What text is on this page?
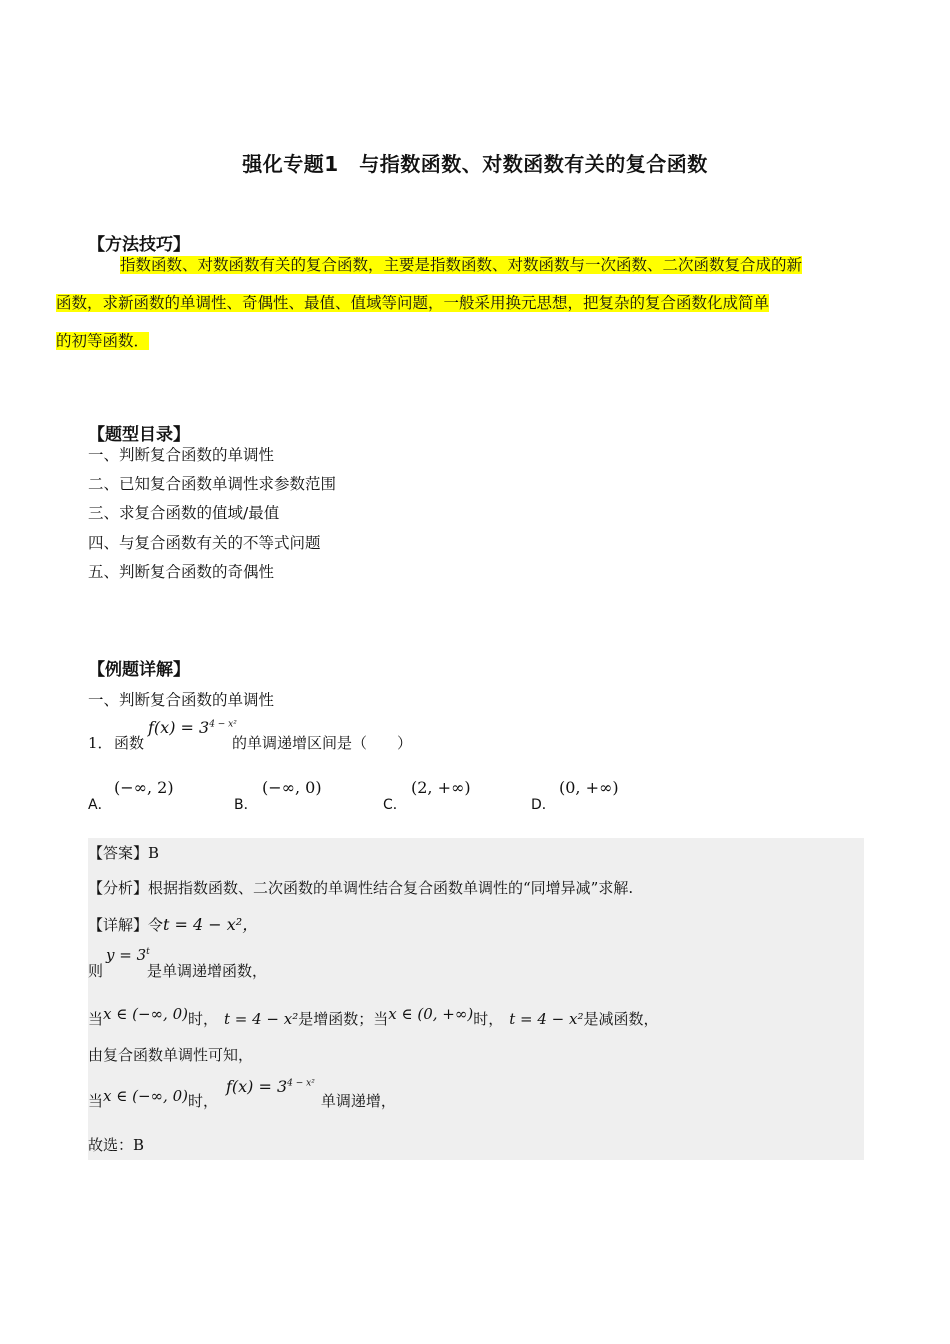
强化专题1　与指数函数、对数函数有关的复合函数
【方法技巧】
指数函数、对数函数有关的复合函数，主要是指数函数、对数函数与一次函数、二次函数复合成的新
函数，求新函数的单调性、奇偶性、最值、值域等问题，一般采用换元思想，把复杂的复合函数化成简单
的初等函数．
【题型目录】
一、判断复合函数的单调性
二、已知复合函数单调性求参数范围
三、求复合函数的值域/最值
四、与复合函数有关的不等式问题
五、判断复合函数的奇偶性
【例题详解】
一、判断复合函数的单调性
1． 函数
$f(x) = 3^{4 - x^2}$
的单调递增区间是（　　）
A．
(−∞, 2)
B．
(−∞, 0)
C．
(2, +∞)
D．
(0, +∞)
【答案】B
【分析】根据指数函数、二次函数的单调性结合复合函数单调性的“同增异减”求解.
【详解】令t = 4 − x²，
则
$y = 3^t$
是单调递增函数，
当x ∈ (−∞, 0)时， t = 4 − x²是增函数；当x ∈ (0, +∞)时， t = 4 − x²是减函数，
由复合函数单调性可知，
当x ∈ (−∞, 0)时，$f(x) = 3^{4 - x^2}$单调递增，
故选：B
